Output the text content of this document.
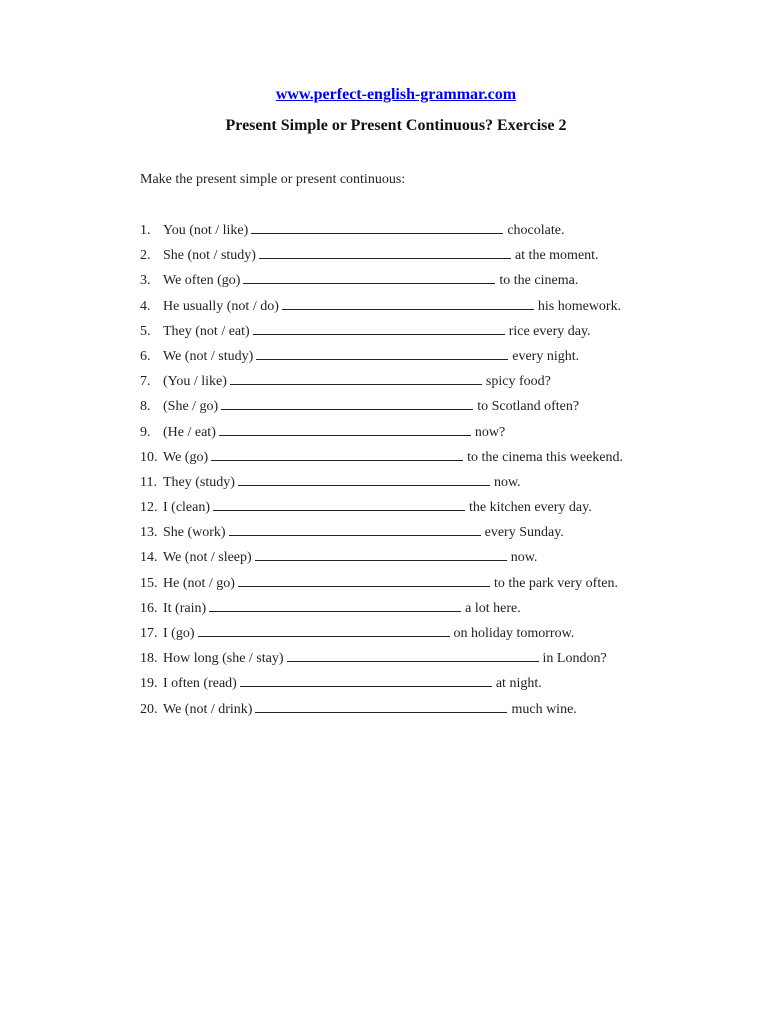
www.perfect-english-grammar.com
Present Simple or Present Continuous? Exercise 2
Make the present simple or present continuous:
1. You (not / like)	chocolate.
2. She (not / study)	at the moment.
3. We often (go)	to the cinema.
4. He usually (not / do)	his homework.
5. They (not / eat)	rice every day.
6. We (not / study)	every night.
7. (You / like)	spicy food?
8. (She / go)	to Scotland often?
9. (He / eat)	now?
10. We (go)	to the cinema this weekend.
11. They (study)	now.
12. I (clean)	the kitchen every day.
13. She (work)	every Sunday.
14. We (not / sleep)	now.
15. He (not / go)	to the park very often.
16. It (rain)	a lot here.
17. I (go)	on holiday tomorrow.
18. How long (she / stay)	in London?
19. I often (read)	at night.
20. We (not / drink)	much wine.
